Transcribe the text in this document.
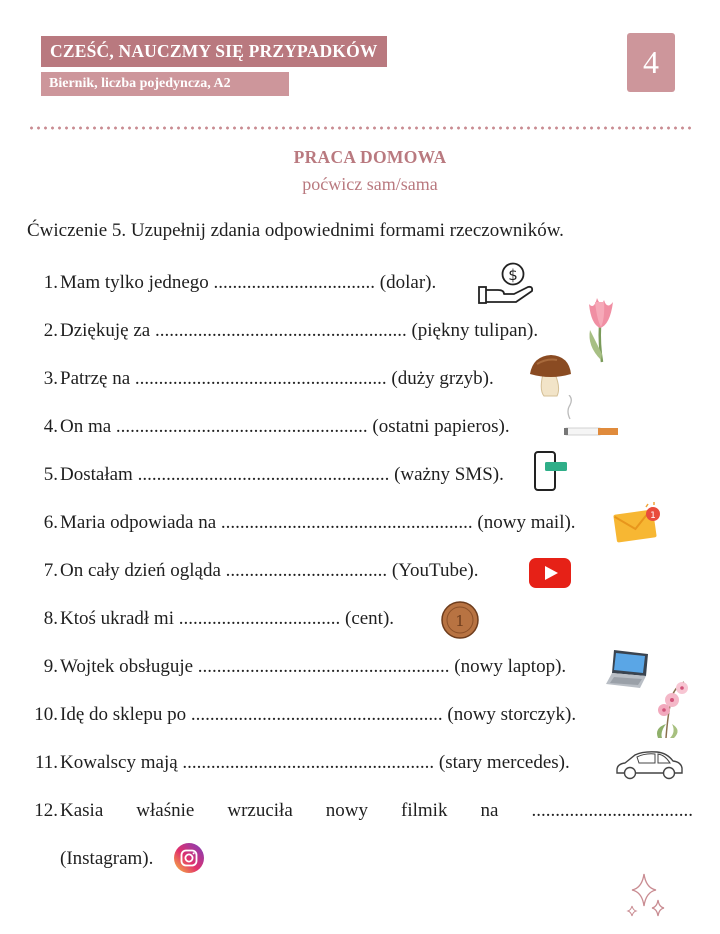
CZEŚĆ, NAUCZMY SIĘ PRZYPADKÓW
Biernik, liczba pojedyncza, A2
4
PRACA DOMOWA
poćwicz sam/sama
Ćwiczenie 5. Uzupełnij zdania odpowiednimi formami rzeczowników.
1. Mam tylko jednego .................................. (dolar).
2. Dziękuję za ..................................................... (piękny tulipan).
3. Patrzę na ..................................................... (duży grzyb).
4. On ma ..................................................... (ostatni papieros).
5. Dostałam ..................................................... (ważny SMS).
6. Maria odpowiada na ..................................................... (nowy mail).
7. On cały dzień ogląda .................................. (YouTube).
8. Ktoś ukradł mi .................................. (cent).
9. Wojtek obsługuje ..................................................... (nowy laptop).
10. Idę do sklepu po ..................................................... (nowy storczyk).
11. Kowalscy mają ..................................................... (stary mercedes).
12. Kasia właśnie wrzuciła nowy filmik na ..................................
(Instagram).
$
1
1
